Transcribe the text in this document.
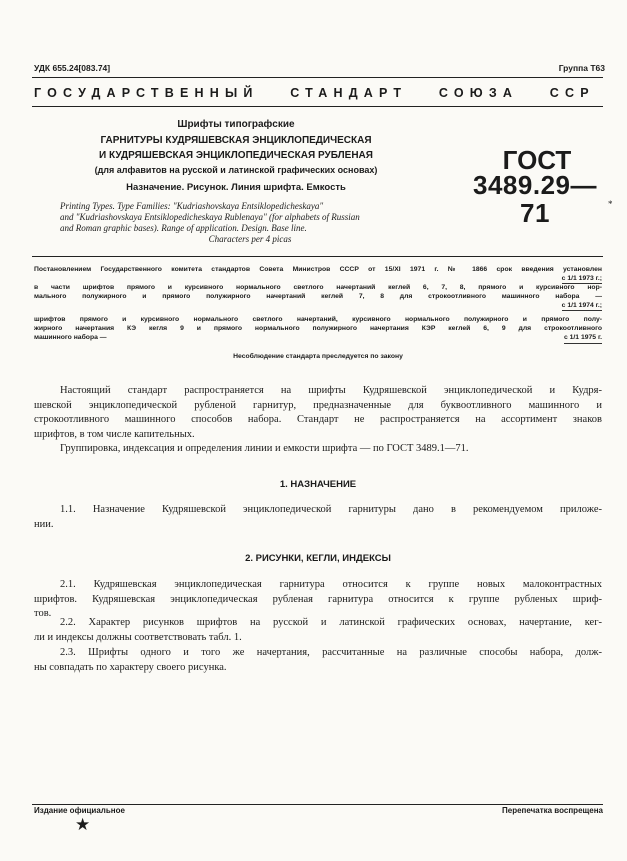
УДК 655.24[083.74]	Группа Т63
ГОСУДАРСТВЕННЫЙ СТАНДАРТ СОЮЗА ССР
Шрифты типографские
ГАРНИТУРЫ КУДРЯШЕВСКАЯ ЭНЦИКЛОПЕДИЧЕСКАЯ
И КУДРЯШЕВСКАЯ ЭНЦИКЛОПЕДИЧЕСКАЯ РУБЛЕНАЯ
(для алфавитов на русской и латинской графических основах)
Назначение. Рисунок. Линия шрифта. Емкость
ГОСТ
3489.29—71	*
Printing Types. Type Families: "Kudriashovskaya Entsiklopedicheskaya"
and "Kudriashovskaya Entsiklopedicheskaya Rublenaya" (for alphabets of Russian
and Roman graphic bases). Range of application. Design. Base line.
Characters per 4 picas
Постановлением Государственного комитета стандартов Совета Министров СССР от 15/XI 1971 г. № 1866 срок введения установлен
с 1/1 1973 г.;
в части шрифтов прямого и курсивного нормального светлого начертаний кеглей 6, 7, 8, прямого и курсивного нор-
мального полужирного и прямого полужирного начертаний кеглей 7, 8 для строкоотливного машинного набора —
с 1/1 1974 г.;
шрифтов прямого и курсивного нормального светлого начертаний, курсивного нормального полужирного и прямого полу-
жирного начертания КЭ кегля 9 и прямого нормального полужирного начертания КЭР кеглей 6, 9 для строкоотливного
машинного набора —	с 1/1 1975 г.
Несоблюдение стандарта преследуется по закону
Настоящий стандарт распространяется на шрифты Кудряшевской энциклопедической и Кудря-
шевской энциклопедической рубленой гарнитур, предназначенные для буквоотливного машинного и
строкоотливного машинного способов набора. Стандарт не распространяется на ассортимент знаков
шрифтов, в том числе капительных.
Группировка, индексация и определения линии и емкости шрифта — по ГОСТ 3489.1—71.
1. НАЗНАЧЕНИЕ
1.1. Назначение Кудряшевской энциклопедической гарнитуры дано в рекомендуемом приложе-
нии.
2. РИСУНКИ, КЕГЛИ, ИНДЕКСЫ
2.1. Кудряшевская энциклопедическая гарнитура относится к группе новых малоконтрастных
шрифтов. Кудряшевская энциклопедическая рубленая гарнитура относится к группе рубленых шриф-
тов.
2.2. Характер рисунков шрифтов на русской и латинской графических основах, начертание, кег-
ли и индексы должны соответствовать табл. 1.
2.3. Шрифты одного и того же начертания, рассчитанные на различные способы набора, долж-
ны совпадать по характеру своего рисунка.
Издание официальное	Перепечатка воспрещена
★
